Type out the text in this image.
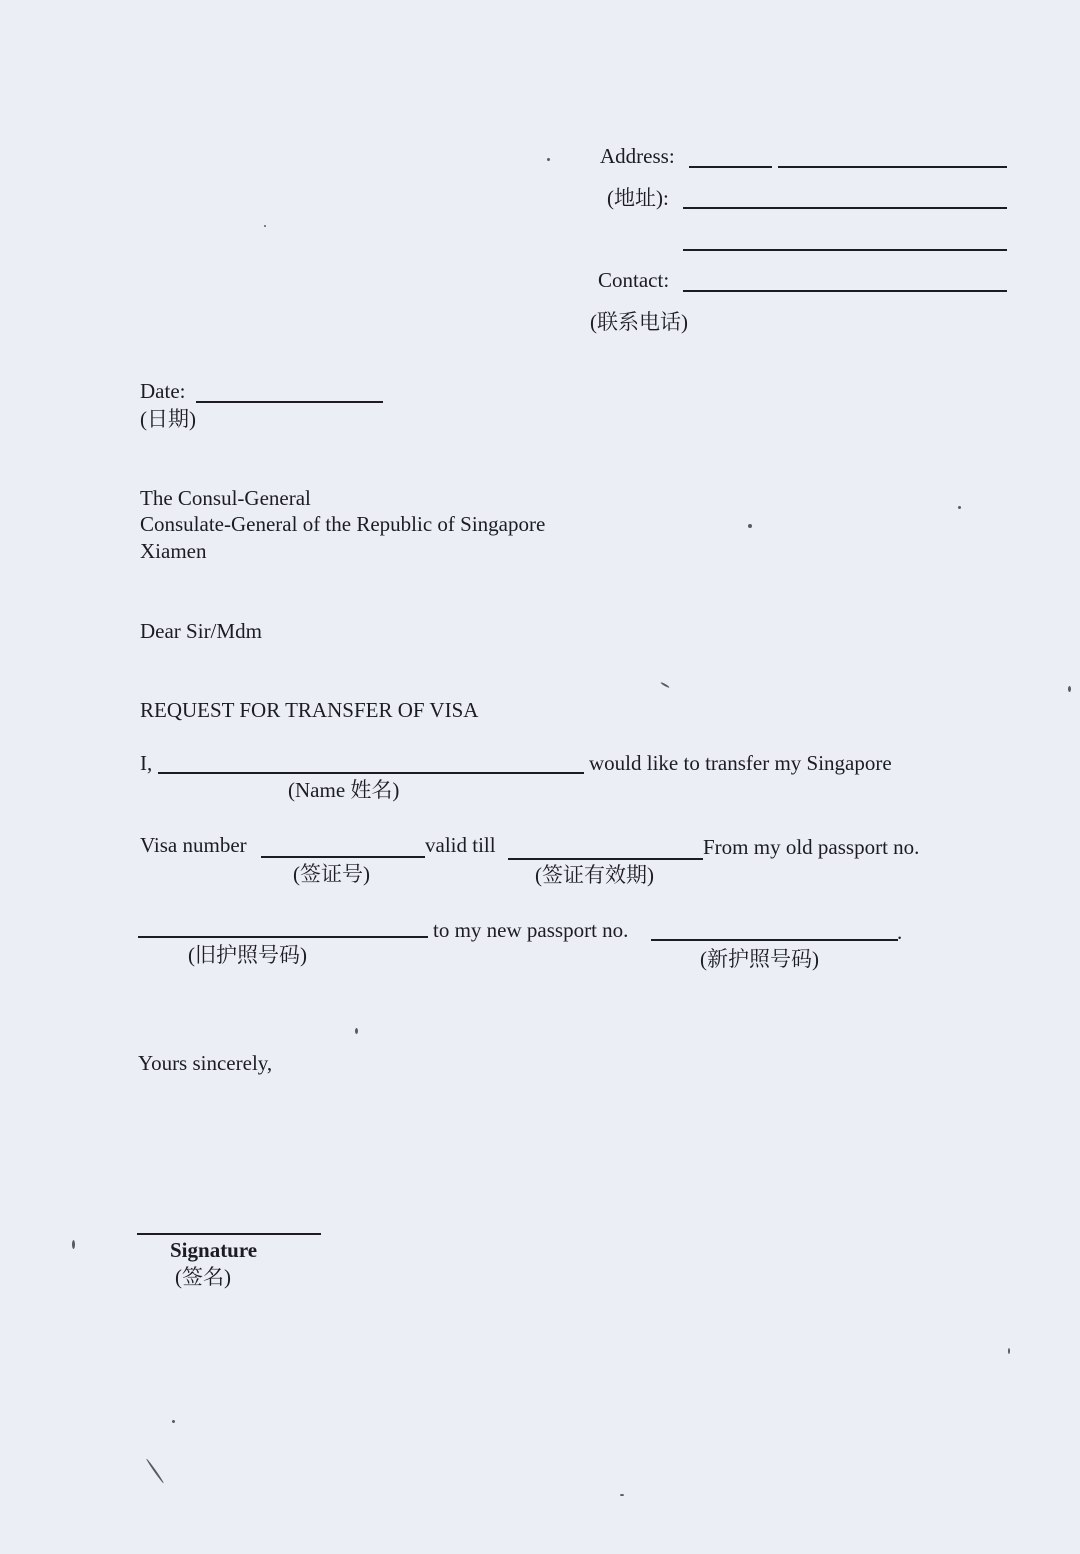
Address:
(地址):
Contact:
(联系电话)
Date:
(日期)
The Consul-General
Consulate-General of the Republic of Singapore
Xiamen
Dear Sir/Mdm
REQUEST FOR TRANSFER OF VISA
I,	would like to transfer my Singapore
(Name 姓名)
Visa number	valid till	From my old passport no.
(签证号)	(签证有效期)
to my new passport no.	.
(旧护照号码)	(新护照号码)
Yours sincerely,
Signature
(签名)
